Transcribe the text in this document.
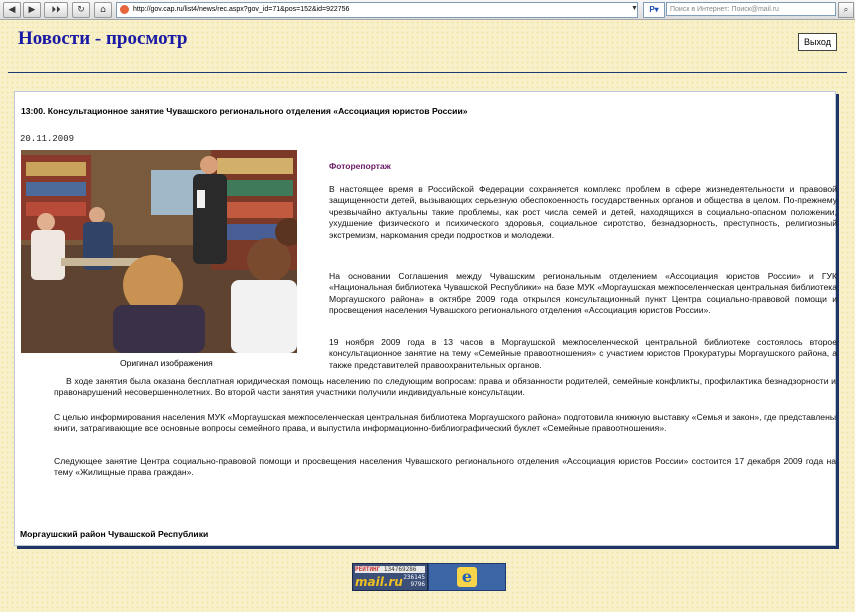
◀	▶	⏵⏵	↻	⌂	http://gov.cap.ru/list4/news/rec.aspx?gov_id=71&pos=152&id=922756	▼	P▾	Поиск в Интернет: Поиск@mail.ru	⌕
Новости - просмотр	Выход
13:00. Консультационное занятие Чувашского регионального отделения «Ассоциация юристов России»
20.11.2009
Оригинал изображения
Фоторепортаж

В настоящее время в Российской Федерации сохраняется комплекс проблем в сфере жизнедеятельности и правовой защищенности детей, вызывающих серьезную обеспокоенность государственных органов и общества в целом. По-прежнему чрезвычайно актуальны такие проблемы, как рост числа семей и детей, находящихся в социально-опасном положении, ухудшение физического и психического здоровья, социальное сиротство, безнадзорность, преступность, религиозный экстремизм, наркомания среди подростков и молодежи.

На основании Соглашения между Чувашским региональным отделением «Ассоциация юристов России» и ГУК «Национальная библиотека Чувашской Республики» на базе МУК «Моргаушская межпоселенческая центральная библиотека Моргаушского района» в октябре 2009 года открылся консультационный пункт Центра социально-правовой помощи и просвещения населения Чувашского регионального отделения «Ассоциация юристов России».

19 ноября 2009 года в 13 часов в Моргаушской межпоселенческой центральной библиотеке состоялось второе консультационное занятие на тему «Семейные правоотношения» с участием юристов Прокуратуры Моргаушского района, а также представителей правоохранительных органов.

В ходе занятия была оказана бесплатная юридическая помощь населению по следующим вопросам: права и обязанности родителей, семейные конфликты, профилактика безнадзорности и правонарушений несовершеннолетних. Во второй части занятия участники получили индивидуальные консультации.

С целью информирования населения МУК «Моргаушская межпоселенческая центральная библиотека Моргаушского района» подготовила книжную выставку «Семья и закон», где представлены книги, затрагивающие все основные вопросы семейного права, и выпустила информационно-библиографический буклет «Семейные правоотношения».

Следующее занятие Центра социально-правовой помощи и просвещения населения Чувашского регионального отделения «Ассоциация юристов России» состоится 17 декабря 2009 года на тему «Жилищные права граждан».

Моргаушский район Чувашской Республики
РЕЙТИНГ 134769286
mail.ru 236145
9796	e
